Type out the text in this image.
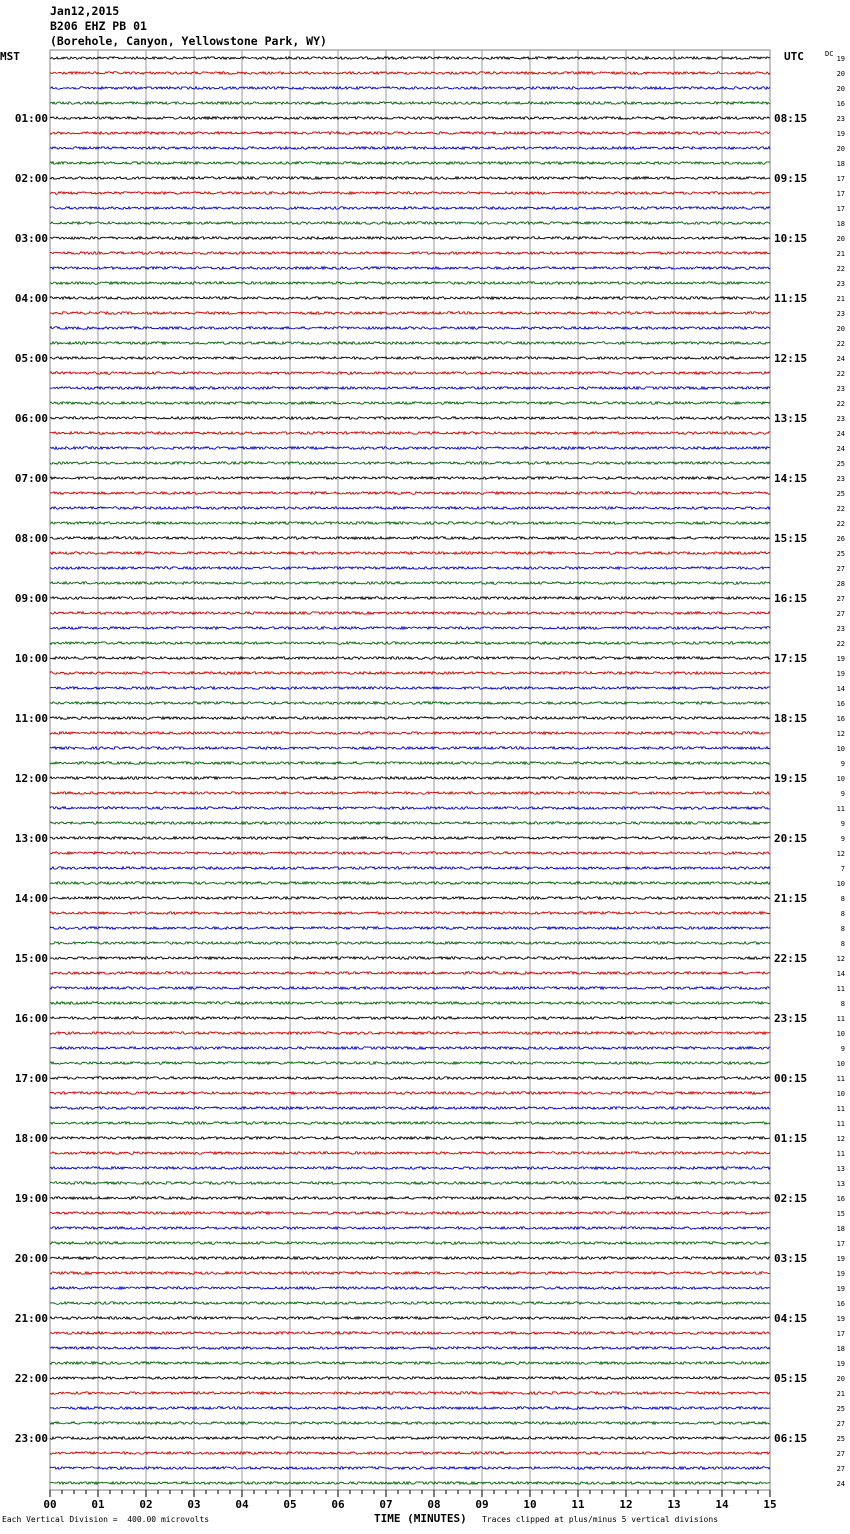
Jan12,2015
B206 EHZ PB 01
(Borehole, Canyon, Yellowstone Park, WY)
00	01	02	03	04	05	06	07	08	09	10	11	12	13	14	15
19
20
20
16
23
01:00	08:15
19
20
18
17
02:00	09:15
17
17
18
20
03:00	10:15
21
22
23
21
04:00	11:15
23
20
22
24
05:00	12:15
22
23
22
23
06:00	13:15
24
24
25
23
07:00	14:15
25
22
22
26
08:00	15:15
25
27
28
27
09:00	16:15
27
23
22
19
10:00	17:15
19
14
16
16
11:00	18:15
12
10
9
10
12:00	19:15
9
11
9
9
13:00	20:15
12
7
10
8
14:00	21:15
8
8
8
12
15:00	22:15
14
11
8
11
16:00	23:15
10
9
10
11
17:00	00:15
10
11
11
12
18:00	01:15
11
13
13
16
19:00	02:15
15
18
17
19
20:00	03:15
19
19
16
19
21:00	04:15
17
18
19
20
22:00	05:15
21
25
27
25
23:00	06:15
27
27
24
MST	UTC	DC
Each Vertical Division =  400.00 microvolts	TIME (MINUTES) Traces clipped at plus/minus 5 vertical divisions
